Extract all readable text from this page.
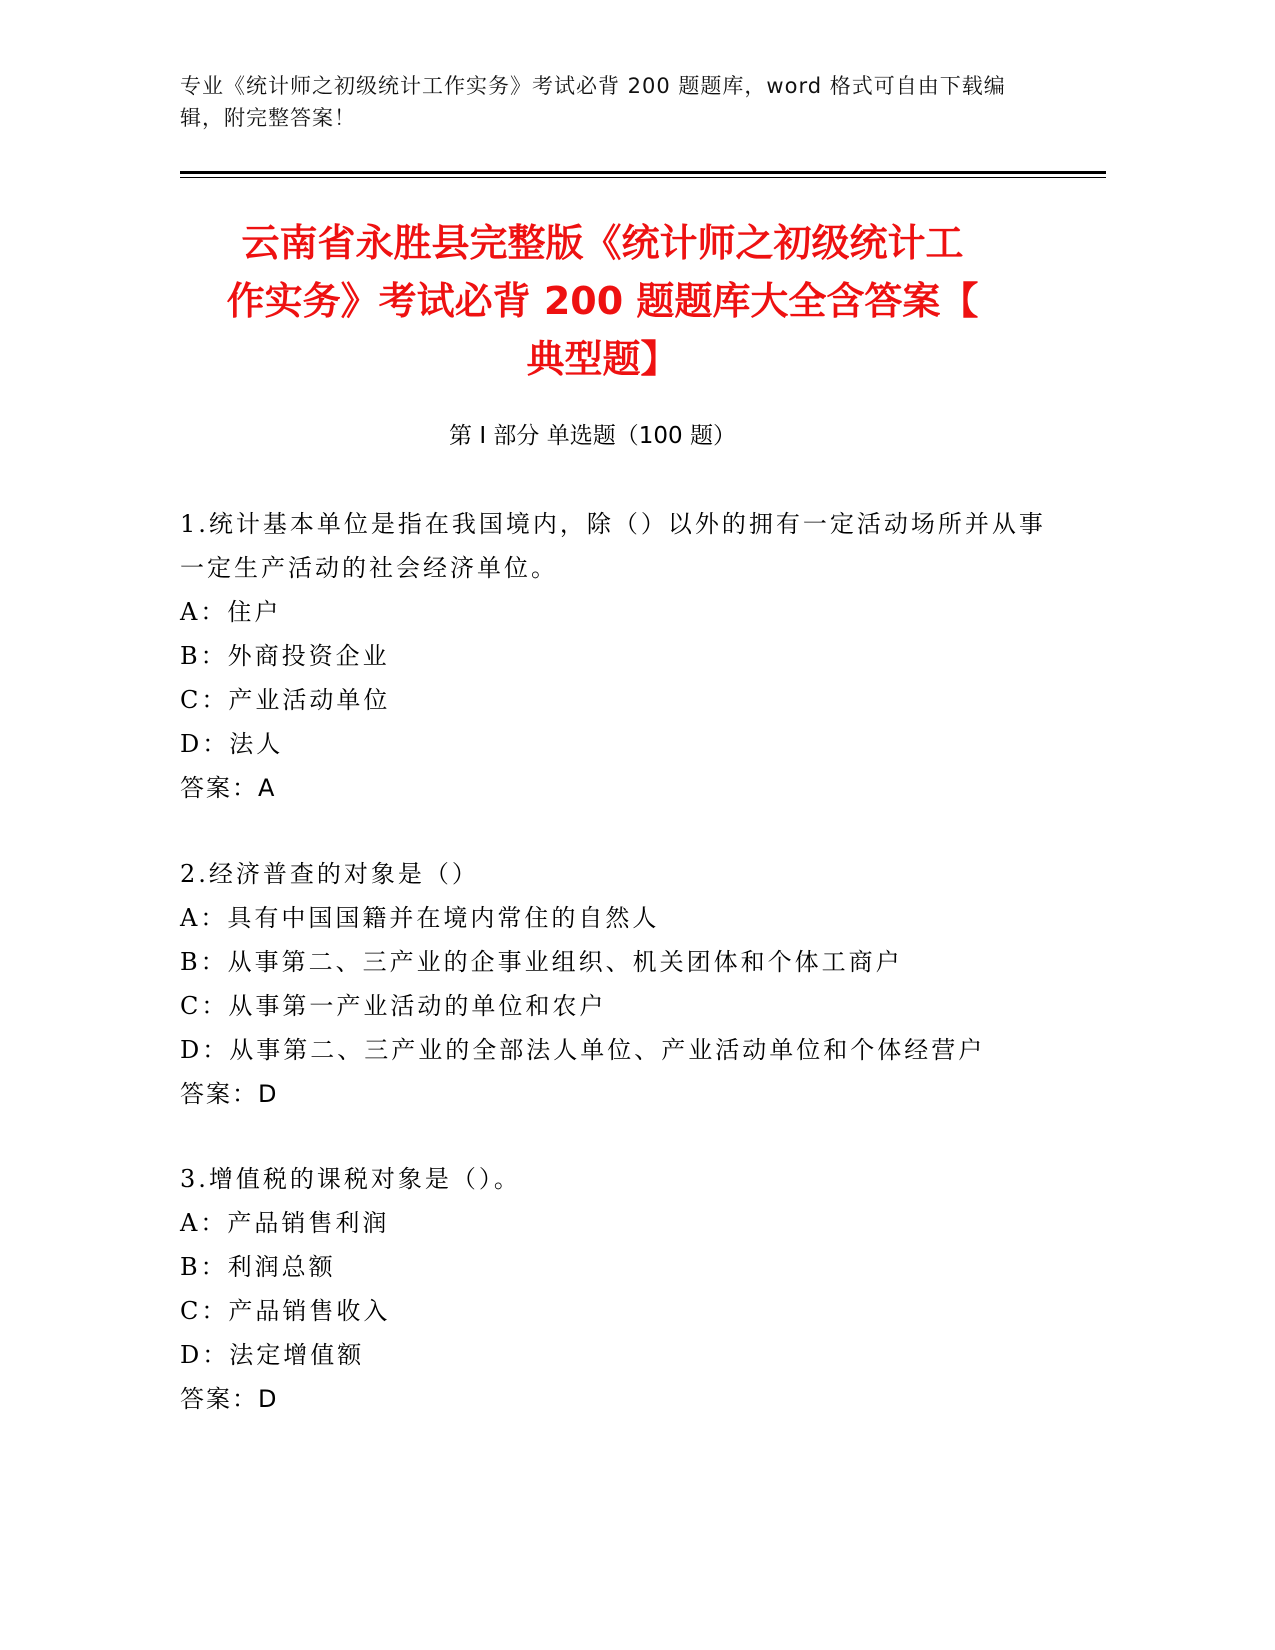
专业《统计师之初级统计工作实务》考试必背 200 题题库，word 格式可自由下载编辑，附完整答案！
云南省永胜县完整版《统计师之初级统计工
作实务》考试必背 200 题题库大全含答案【
典型题】
第 I 部分 单选题（100 题）
1.统计基本单位是指在我国境内，除（）以外的拥有一定活动场所并从事一定生产活动的社会经济单位。
A：住户
B：外商投资企业
C：产业活动单位
D：法人
答案：A
2.经济普查的对象是（）
A：具有中国国籍并在境内常住的自然人
B：从事第二、三产业的企事业组织、机关团体和个体工商户
C：从事第一产业活动的单位和农户
D：从事第二、三产业的全部法人单位、产业活动单位和个体经营户
答案：D
3.增值税的课税对象是（）。
A：产品销售利润
B：利润总额
C：产品销售收入
D：法定增值额
答案：D
